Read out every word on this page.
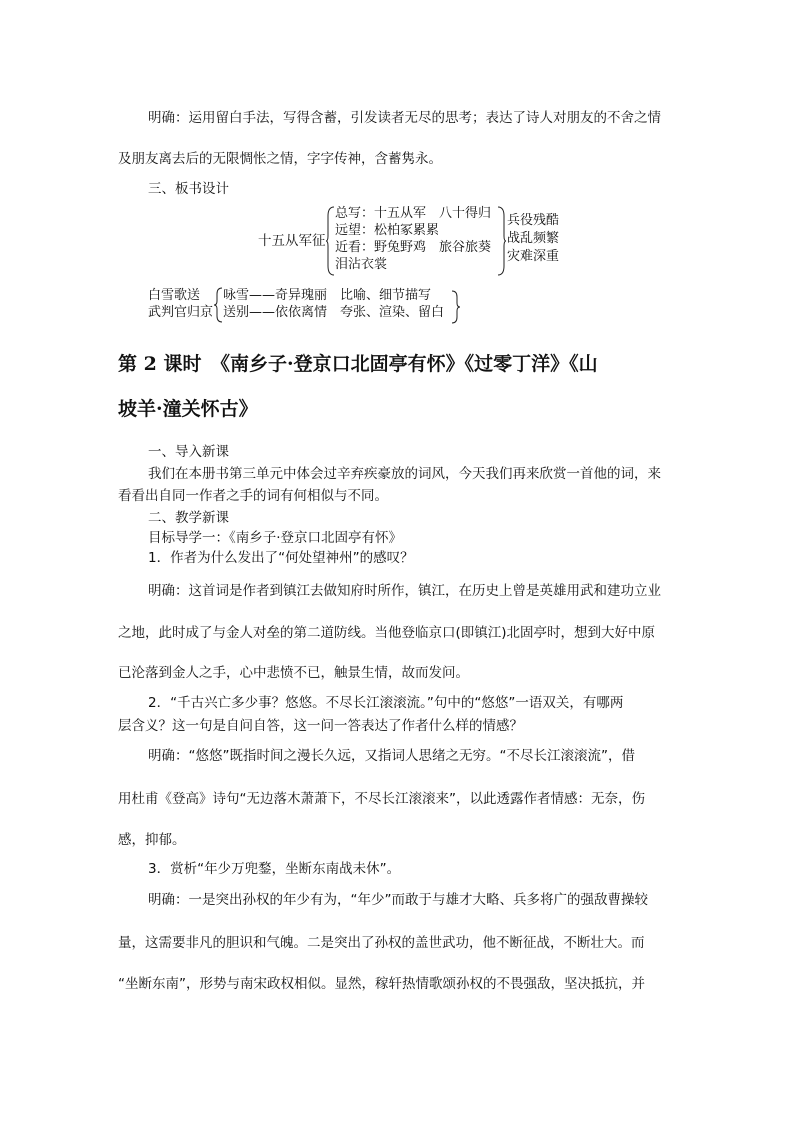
明确：运用留白手法，写得含蓄，引发读者无尽的思考；表达了诗人对朋友的不舍之情
及朋友离去后的无限惆怅之情，字字传神，含蓄隽永。
三、板书设计
十五从军征
总写：十五从军　八十得归
远望：松柏冢累累
近看：野兔野鸡　旅谷旅葵
泪沾衣裳
兵役残酷
战乱频繁
灾难深重
白雪歌送
武判官归京
咏雪——奇异瑰丽　比喻、细节描写
送别——依依离情　夸张、渲染、留白
第 2 课时　《南乡子·登京口北固亭有怀》《过零丁洋》《山
坡羊·潼关怀古》
一、导入新课
我们在本册书第三单元中体会过辛弃疾豪放的词风，今天我们再来欣赏一首他的词，来
看看出自同一作者之手的词有何相似与不同。
二、教学新课
目标导学一：《南乡子·登京口北固亭有怀》
1．作者为什么发出了“何处望神州”的感叹？
明确：这首词是作者到镇江去做知府时所作，镇江，在历史上曾是英雄用武和建功立业
之地，此时成了与金人对垒的第二道防线。当他登临京口(即镇江)北固亭时，想到大好中原
已沦落到金人之手，心中悲愤不已，触景生情，故而发问。
2．“千古兴亡多少事？悠悠。不尽长江滚滚流。”句中的“悠悠”一语双关，有哪两
层含义？这一句是自问自答，这一问一答表达了作者什么样的情感？
明确：“悠悠”既指时间之漫长久远，又指词人思绪之无穷。“不尽长江滚滚流”，借
用杜甫《登高》诗句“无边落木萧萧下，不尽长江滚滚来”，以此透露作者情感：无奈，伤
感，抑郁。
3．赏析“年少万兜鍪，坐断东南战未休”。
明确：一是突出孙权的年少有为，“年少”而敢于与雄才大略、兵多将广的强敌曹操较
量，这需要非凡的胆识和气魄。二是突出了孙权的盖世武功，他不断征战，不断壮大。而
“坐断东南”，形势与南宋政权相似。显然，稼轩热情歌颂孙权的不畏强敌，坚决抵抗，并
